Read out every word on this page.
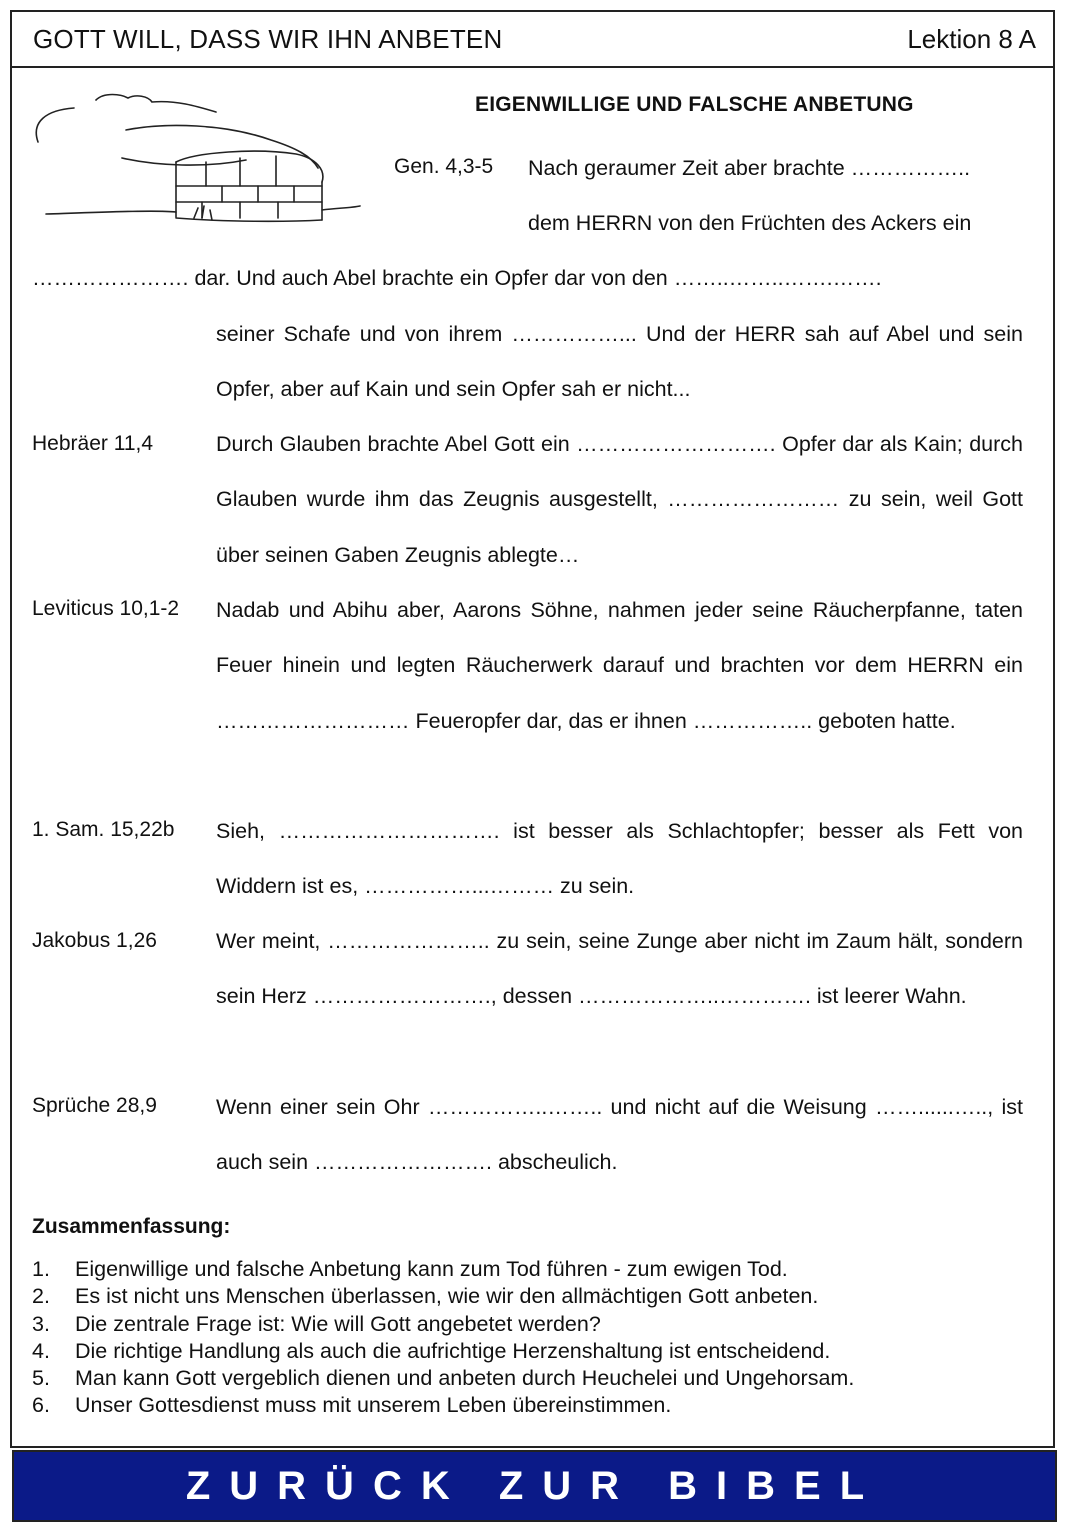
GOTT WILL, DASS WIR IHN ANBETEN	Lektion 8 A
EIGENWILLIGE UND FALSCHE ANBETUNG
Gen. 4,3-5 Nach geraumer Zeit aber brachte ……………..
dem HERRN von den Früchten des Ackers ein
…………………. dar. Und auch Abel brachte ein Opfer dar von den ……..……..…….…….
seiner Schafe und von ihrem ……………... Und der HERR sah auf Abel und sein Opfer, aber auf Kain und sein Opfer sah er nicht...
Hebräer 11,4	Durch Glauben brachte Abel Gott ein ………………………. Opfer dar als Kain; durch Glauben wurde ihm das Zeugnis ausgestellt, …………………… zu sein, weil Gott über seinen Gaben Zeugnis ablegte…
Leviticus 10,1-2 Nadab und Abihu aber, Aarons Söhne, nahmen jeder seine Räucherpfanne, taten Feuer hinein und legten Räucherwerk darauf und brachten vor dem HERRN ein ……………………… Feueropfer dar, das er ihnen …………….. geboten hatte.
1. Sam. 15,22b Sieh, …………………………. ist besser als Schlachtopfer; besser als Fett von Widdern ist es, ……………...……… zu sein.
Jakobus 1,26	Wer meint, ………………….. zu sein, seine Zunge aber nicht im Zaum hält, sondern sein Herz ……………………., dessen ………………..…………. ist leerer Wahn.
Sprüche 28,9	Wenn einer sein Ohr ……………..…….. und nicht auf die Weisung ……......….., ist auch sein ……………………. abscheulich.
Zusammenfassung:
1. Eigenwillige und falsche Anbetung kann zum Tod führen - zum ewigen Tod.
2. Es ist nicht uns Menschen überlassen, wie wir den allmächtigen Gott anbeten.
3. Die zentrale Frage ist: Wie will Gott angebetet werden?
4. Die richtige Handlung als auch die aufrichtige Herzenshaltung ist entscheidend.
5. Man kann Gott vergeblich dienen und anbeten durch Heuchelei und Ungehorsam.
6. Unser Gottesdienst muss mit unserem Leben übereinstimmen.
ZURÜCK ZUR BIBEL
